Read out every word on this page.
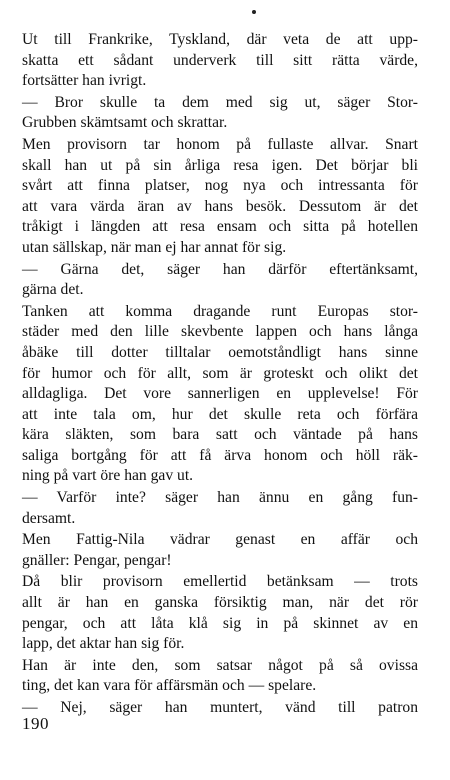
Ut till Frankrike, Tyskland, där veta de att upp-
skatta ett sådant underverk till sitt rätta värde,
fortsätter han ivrigt.

— Bror skulle ta dem med sig ut, säger Stor-
Grubben skämtsamt och skrattar.

Men provisorn tar honom på fullaste allvar. Snart
skall han ut på sin årliga resa igen. Det börjar bli
svårt att finna platser, nog nya och intressanta för
att vara värda äran av hans besök. Dessutom är det
tråkigt i längden att resa ensam och sitta på hotellen
utan sällskap, när man ej har annat för sig.

— Gärna det, säger han därför eftertänksamt,
gärna det.

Tanken att komma dragande runt Europas stor-
städer med den lille skevbente lappen och hans långa
åbäke till dotter tilltalar oemotståndligt hans sinne
för humor och för allt, som är groteskt och olikt det
alldagliga. Det vore sannerligen en upplevelse! För
att inte tala om, hur det skulle reta och förfära
kära släkten, som bara satt och väntade på hans
saliga bortgång för att få ärva honom och höll räk-
ning på vart öre han gav ut.

— Varför inte? säger han ännu en gång fun-
dersamt.

Men Fattig-Nila vädrar genast en affär och
gnäller: Pengar, pengar!

Då blir provisorn emellertid betänksam — trots
allt är han en ganska försiktig man, när det rör
pengar, och att låta klå sig in på skinnet av en
lapp, det aktar han sig för.

Han är inte den, som satsar något på så ovissa
ting, det kan vara för affärsmän och — spelare.

— Nej, säger han muntert, vänd till patron

190
